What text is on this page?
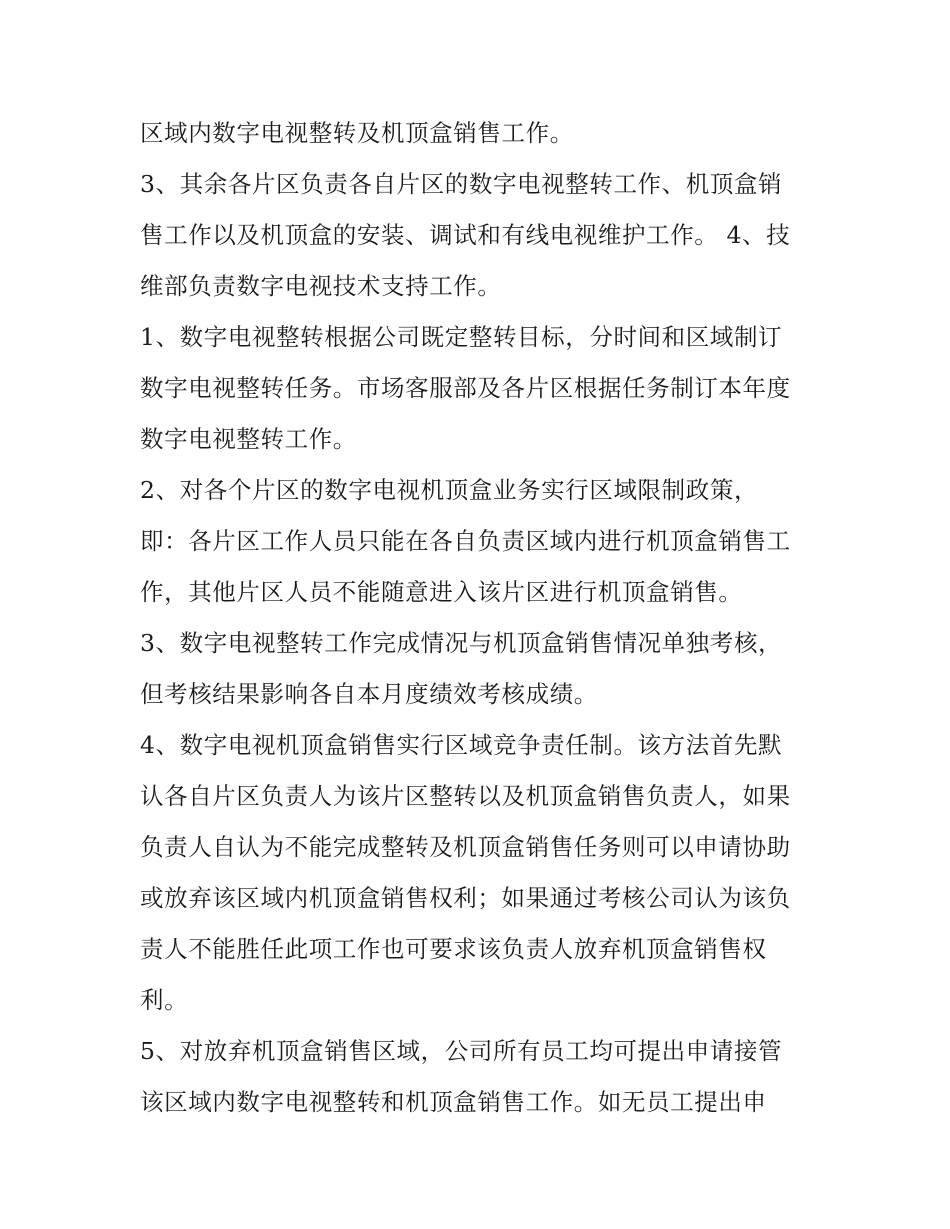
区域内数字电视整转及机顶盒销售工作。
3、其余各片区负责各自片区的数字电视整转工作、机顶盒销
售工作以及机顶盒的安装、调试和有线电视维护工作。 4、技
维部负责数字电视技术支持工作。
1、数字电视整转根据公司既定整转目标，分时间和区域制订
数字电视整转任务。市场客服部及各片区根据任务制订本年度
数字电视整转工作。
2、对各个片区的数字电视机顶盒业务实行区域限制政策，
即：各片区工作人员只能在各自负责区域内进行机顶盒销售工
作，其他片区人员不能随意进入该片区进行机顶盒销售。
3、数字电视整转工作完成情况与机顶盒销售情况单独考核，
但考核结果影响各自本月度绩效考核成绩。
4、数字电视机顶盒销售实行区域竞争责任制。该方法首先默
认各自片区负责人为该片区整转以及机顶盒销售负责人，如果
负责人自认为不能完成整转及机顶盒销售任务则可以申请协助
或放弃该区域内机顶盒销售权利；如果通过考核公司认为该负
责人不能胜任此项工作也可要求该负责人放弃机顶盒销售权
利。
5、对放弃机顶盒销售区域，公司所有员工均可提出申请接管
该区域内数字电视整转和机顶盒销售工作。如无员工提出申
